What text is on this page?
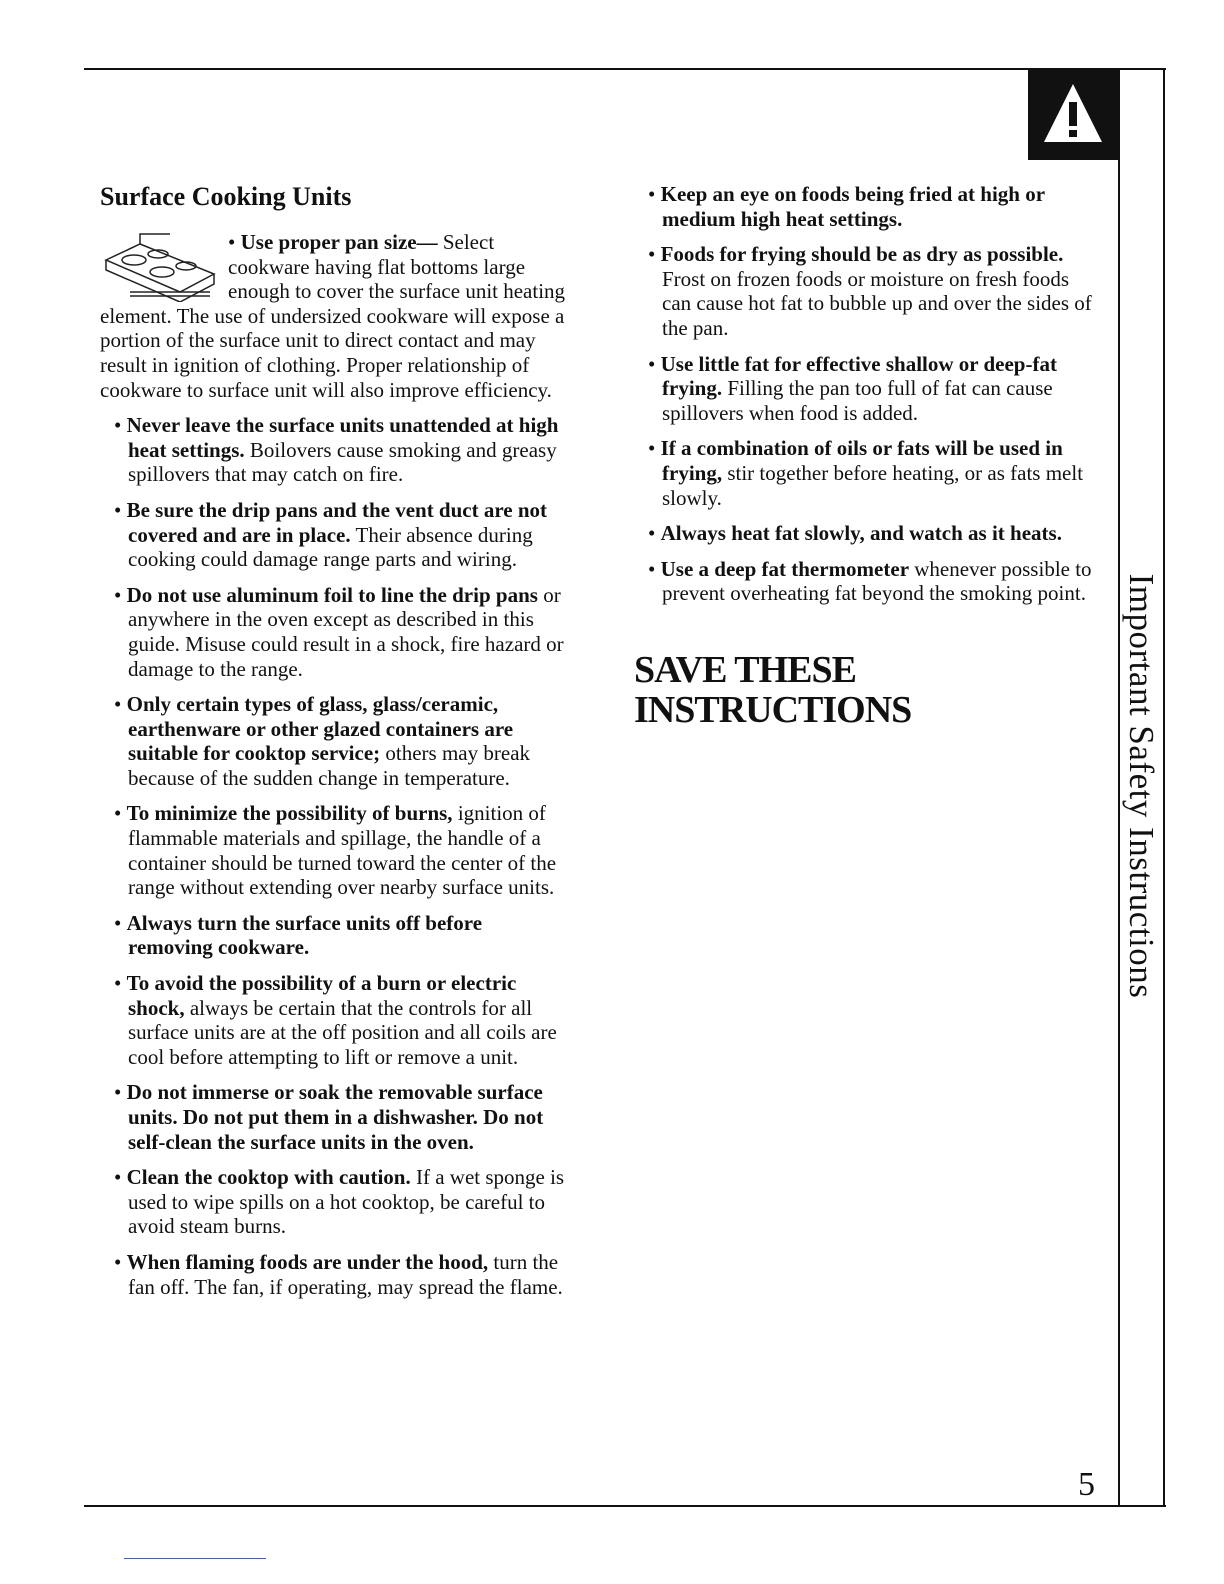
Important Safety Instructions
5
Surface Cooking Units
• Use proper pan size— Select cookware having flat bottoms large enough to cover the surface unit heating element. The use of undersized cookware will expose a portion of the surface unit to direct contact and may result in ignition of clothing. Proper relationship of cookware to surface unit will also improve efficiency.
• Never leave the surface units unattended at high heat settings. Boilovers cause smoking and greasy spillovers that may catch on fire.
• Be sure the drip pans and the vent duct are not covered and are in place. Their absence during cooking could damage range parts and wiring.
• Do not use aluminum foil to line the drip pans or anywhere in the oven except as described in this guide. Misuse could result in a shock, fire hazard or damage to the range.
• Only certain types of glass, glass/ceramic, earthenware or other glazed containers are suitable for cooktop service; others may break because of the sudden change in temperature.
• To minimize the possibility of burns, ignition of flammable materials and spillage, the handle of a container should be turned toward the center of the range without extending over nearby surface units.
• Always turn the surface units off before removing cookware.
• To avoid the possibility of a burn or electric shock, always be certain that the controls for all surface units are at the off position and all coils are cool before attempting to lift or remove a unit.
• Do not immerse or soak the removable surface units. Do not put them in a dishwasher. Do not self-clean the surface units in the oven.
• Clean the cooktop with caution. If a wet sponge is used to wipe spills on a hot cooktop, be careful to avoid steam burns.
• When flaming foods are under the hood, turn the fan off. The fan, if operating, may spread the flame.
• Keep an eye on foods being fried at high or medium high heat settings.
• Foods for frying should be as dry as possible. Frost on frozen foods or moisture on fresh foods can cause hot fat to bubble up and over the sides of the pan.
• Use little fat for effective shallow or deep-fat frying. Filling the pan too full of fat can cause spillovers when food is added.
• If a combination of oils or fats will be used in frying, stir together before heating, or as fats melt slowly.
• Always heat fat slowly, and watch as it heats.
• Use a deep fat thermometer whenever possible to prevent overheating fat beyond the smoking point.
SAVE THESE
INSTRUCTIONS
